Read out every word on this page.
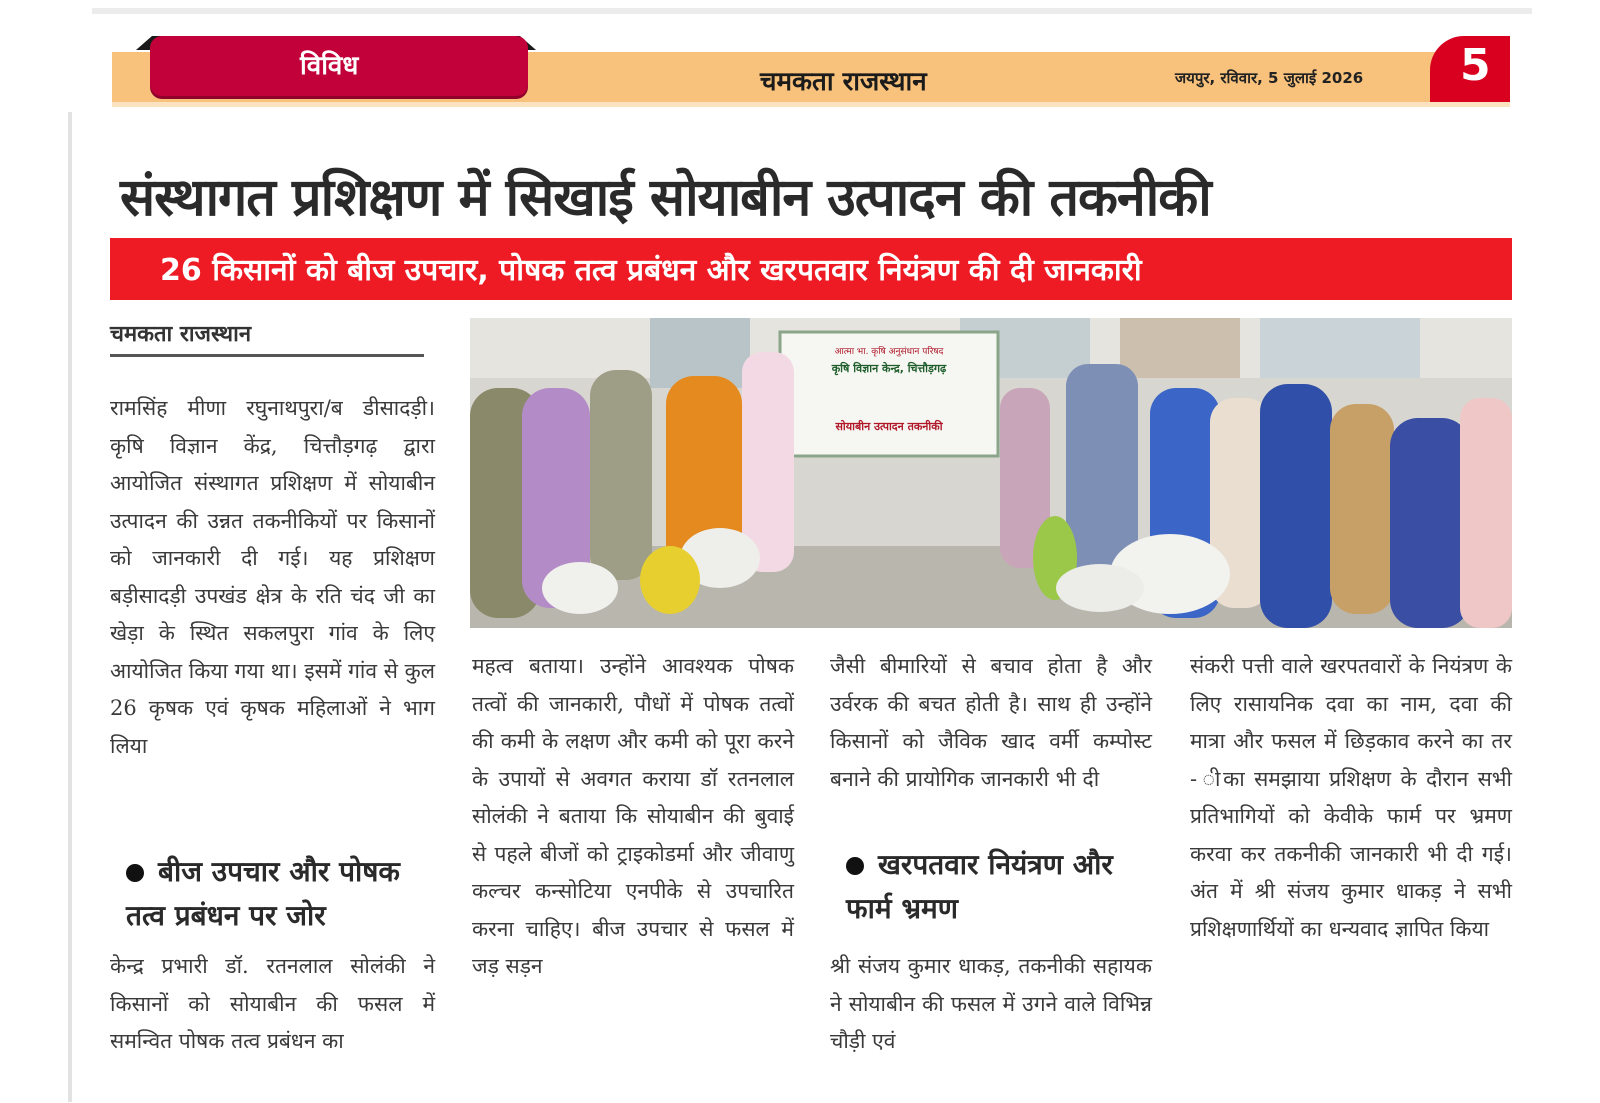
विविध
चमकता राजस्थान	जयपुर, रविवार, 5 जुलाई 2026	5
संस्थागत प्रशिक्षण में सिखाई सोयाबीन उत्पादन की तकनीकी
26 किसानों को बीज उपचार, पोषक तत्व प्रबंधन और खरपतवार नियंत्रण की दी जानकारी
चमकता राजस्थान
आत्मा भा. कृषि अनुसंधान परिषद
कृषि विज्ञान केन्द्र, चित्तौड़गढ़
सोयाबीन उत्पादन तकनीकी
रामसिंह मीणा रघुनाथपुरा/ब डीसादड़ी। कृषि विज्ञान केंद्र, चित्तौड़गढ़ द्वारा आयोजित संस्थागत प्रशिक्षण में सोयाबीन उत्पादन की उन्नत तकनीकियों पर किसानों को जानकारी दी गई। यह प्रशिक्षण बड़ीसादड़ी उपखंड क्षेत्र के रति चंद जी का खेड़ा के स्थित सकलपुरा गांव के लिए आयोजित किया गया था। इसमें गांव से कुल 26 कृषक एवं कृषक महिलाओं ने भाग लिया
बीज उपचार और पोषक तत्व प्रबंधन पर जोर
केन्द्र प्रभारी डॉ. रतनलाल सोलंकी ने किसानों को सोयाबीन की फसल में समन्वित पोषक तत्व प्रबंधन का
महत्व बताया। उन्होंने आवश्यक पोषक तत्वों की जानकारी, पौधों में पोषक तत्वों की कमी के लक्षण और कमी को पूरा करने के उपायों से अवगत कराया डॉ रतनलाल सोलंकी ने बताया कि सोयाबीन की बुवाई से पहले बीजों को ट्राइकोडर्मा और जीवाणु कल्चर कन्सोटिया एनपीके से उपचारित करना चाहिए। बीज उपचार से फसल में जड़ सड़न
जैसी बीमारियों से बचाव होता है और उर्वरक की बचत होती है। साथ ही उन्होंने किसानों को जैविक खाद वर्मी कम्पोस्ट बनाने की प्रायोगिक जानकारी भी दी
खरपतवार नियंत्रण और फार्म भ्रमण
श्री संजय कुमार धाकड़, तकनीकी सहायक ने सोयाबीन की फसल में उगने वाले विभिन्न चौड़ी एवं
संकरी पत्ती वाले खरपतवारों के नियंत्रण के लिए रासायनिक दवा का नाम, दवा की मात्रा और फसल में छिड़काव करने का तर - ीका समझाया प्रशिक्षण के दौरान सभी प्रतिभागियों को केवीके फार्म पर भ्रमण करवा कर तकनीकी जानकारी भी दी गई। अंत में श्री संजय कुमार धाकड़ ने सभी प्रशिक्षणार्थियों का धन्यवाद ज्ञापित किया
